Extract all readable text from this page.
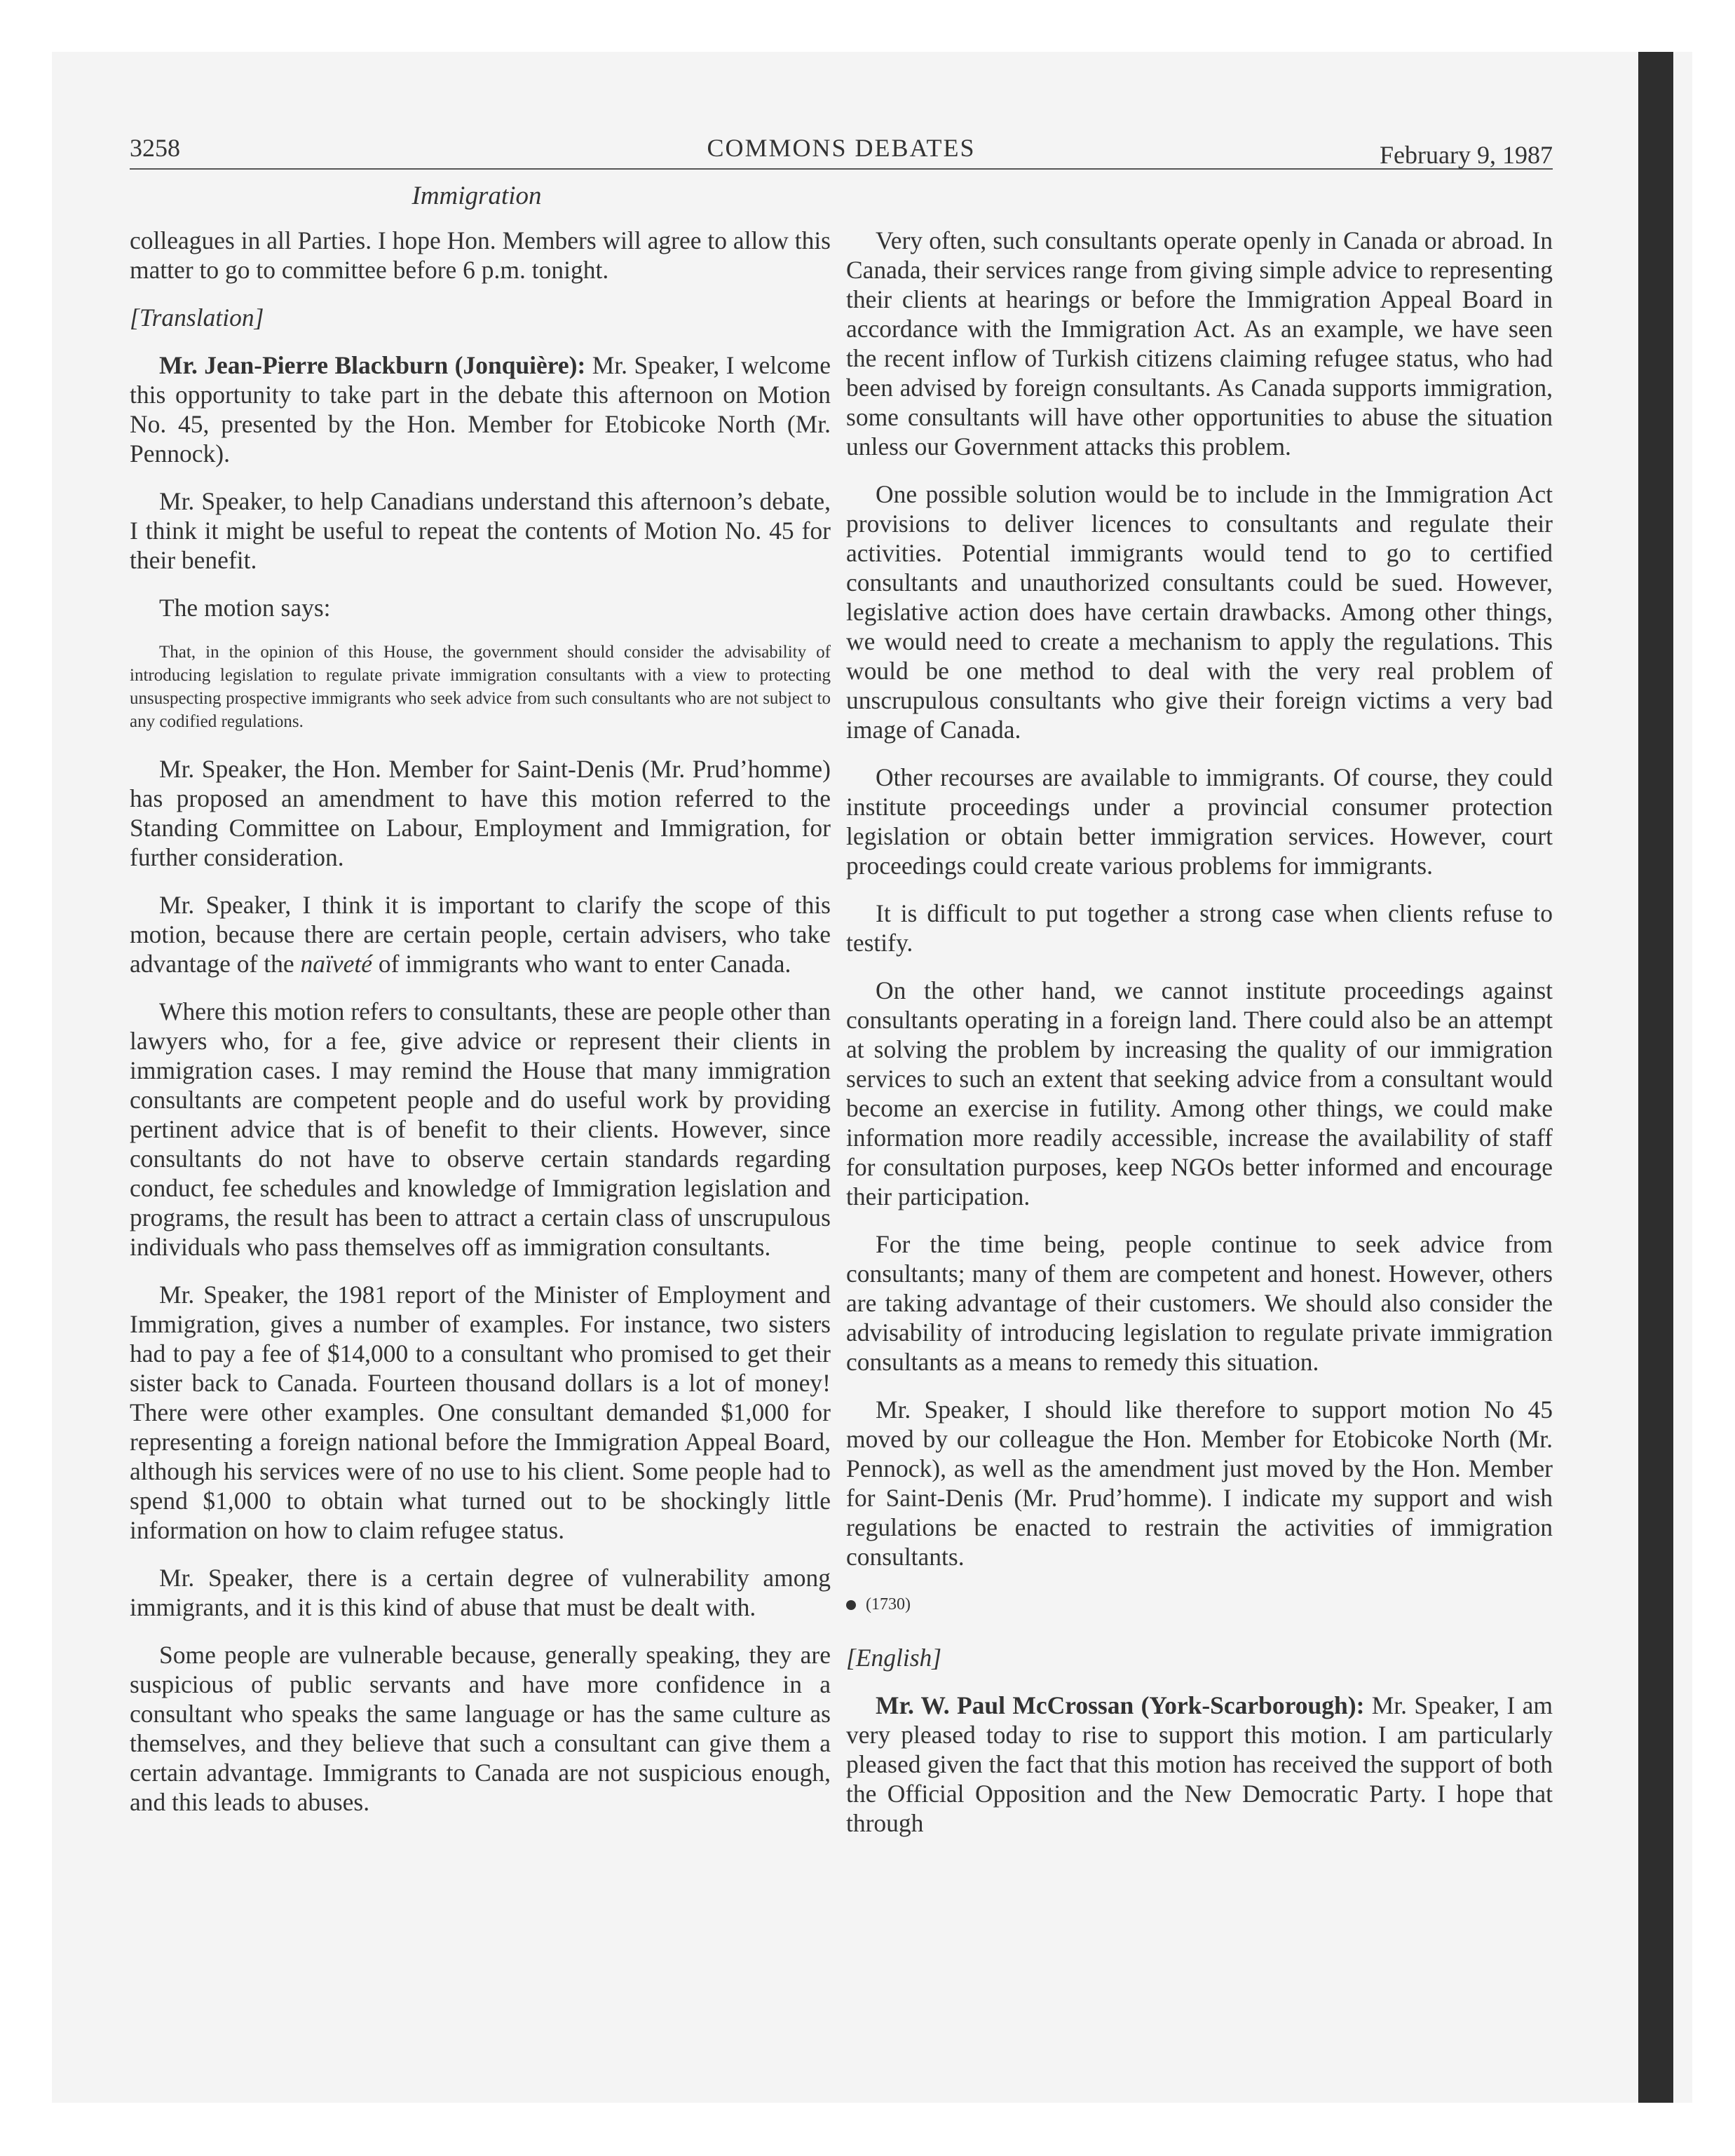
3258	COMMONS DEBATES	February 9, 1987
Immigration

colleagues in all Parties. I hope Hon. Members will agree to allow this matter to go to committee before 6 p.m. tonight.

[Translation]

Mr. Jean-Pierre Blackburn (Jonquière): Mr. Speaker, I welcome this opportunity to take part in the debate this afternoon on Motion No. 45, presented by the Hon. Member for Etobicoke North (Mr. Pennock).

Mr. Speaker, to help Canadians understand this afternoon’s debate, I think it might be useful to repeat the contents of Motion No. 45 for their benefit.

The motion says:

That, in the opinion of this House, the government should consider the advisability of introducing legislation to regulate private immigration consultants with a view to protecting unsuspecting prospective immigrants who seek advice from such consultants who are not subject to any codified regulations.

Mr. Speaker, the Hon. Member for Saint-Denis (Mr. Prud’homme) has proposed an amendment to have this motion referred to the Standing Committee on Labour, Employment and Immigration, for further consideration.

Mr. Speaker, I think it is important to clarify the scope of this motion, because there are certain people, certain advisers, who take advantage of the naïveté of immigrants who want to enter Canada.

Where this motion refers to consultants, these are people other than lawyers who, for a fee, give advice or represent their clients in immigration cases. I may remind the House that many immigration consultants are competent people and do useful work by providing pertinent advice that is of benefit to their clients. However, since consultants do not have to observe certain standards regarding conduct, fee schedules and knowledge of Immigration legislation and programs, the result has been to attract a certain class of unscrupulous individuals who pass themselves off as immigration consultants.

Mr. Speaker, the 1981 report of the Minister of Employment and Immigration, gives a number of examples. For instance, two sisters had to pay a fee of $14,000 to a consultant who promised to get their sister back to Canada. Fourteen thousand dollars is a lot of money! There were other examples. One consultant demanded $1,000 for representing a foreign national before the Immigration Appeal Board, although his services were of no use to his client. Some people had to spend $1,000 to obtain what turned out to be shockingly little information on how to claim refugee status.

Mr. Speaker, there is a certain degree of vulnerability among immigrants, and it is this kind of abuse that must be dealt with.

Some people are vulnerable because, generally speaking, they are suspicious of public servants and have more confidence in a consultant who speaks the same language or has the same culture as themselves, and they believe that such a consultant can give them a certain advantage. Immigrants to Canada are not suspicious enough, and this leads to abuses.

Very often, such consultants operate openly in Canada or abroad. In Canada, their services range from giving simple advice to representing their clients at hearings or before the Immigration Appeal Board in accordance with the Immigration Act. As an example, we have seen the recent inflow of Turkish citizens claiming refugee status, who had been advised by foreign consultants. As Canada supports immigration, some consultants will have other opportunities to abuse the situation unless our Government attacks this problem.

One possible solution would be to include in the Immigration Act provisions to deliver licences to consultants and regulate their activities. Potential immigrants would tend to go to certified consultants and unauthorized consultants could be sued. However, legislative action does have certain drawbacks. Among other things, we would need to create a mechanism to apply the regulations. This would be one method to deal with the very real problem of unscrupulous consultants who give their foreign victims a very bad image of Canada.

Other recourses are available to immigrants. Of course, they could institute proceedings under a provincial consumer protection legislation or obtain better immigration services. However, court proceedings could create various problems for immigrants.

It is difficult to put together a strong case when clients refuse to testify.

On the other hand, we cannot institute proceedings against consultants operating in a foreign land. There could also be an attempt at solving the problem by increasing the quality of our immigration services to such an extent that seeking advice from a consultant would become an exercise in futility. Among other things, we could make information more readily accessible, increase the availability of staff for consultation purposes, keep NGOs better informed and encourage their participation.

For the time being, people continue to seek advice from consultants; many of them are competent and honest. However, others are taking advantage of their customers. We should also consider the advisability of introducing legislation to regulate private immigration consultants as a means to remedy this situation.

Mr. Speaker, I should like therefore to support motion No 45 moved by our colleague the Hon. Member for Etobicoke North (Mr. Pennock), as well as the amendment just moved by the Hon. Member for Saint-Denis (Mr. Prud’homme). I indicate my support and wish regulations be enacted to restrain the activities of immigration consultants.

(1730)
[English]

Mr. W. Paul McCrossan (York-Scarborough): Mr. Speaker, I am very pleased today to rise to support this motion. I am particularly pleased given the fact that this motion has received the support of both the Official Opposition and the New Democratic Party. I hope that through
